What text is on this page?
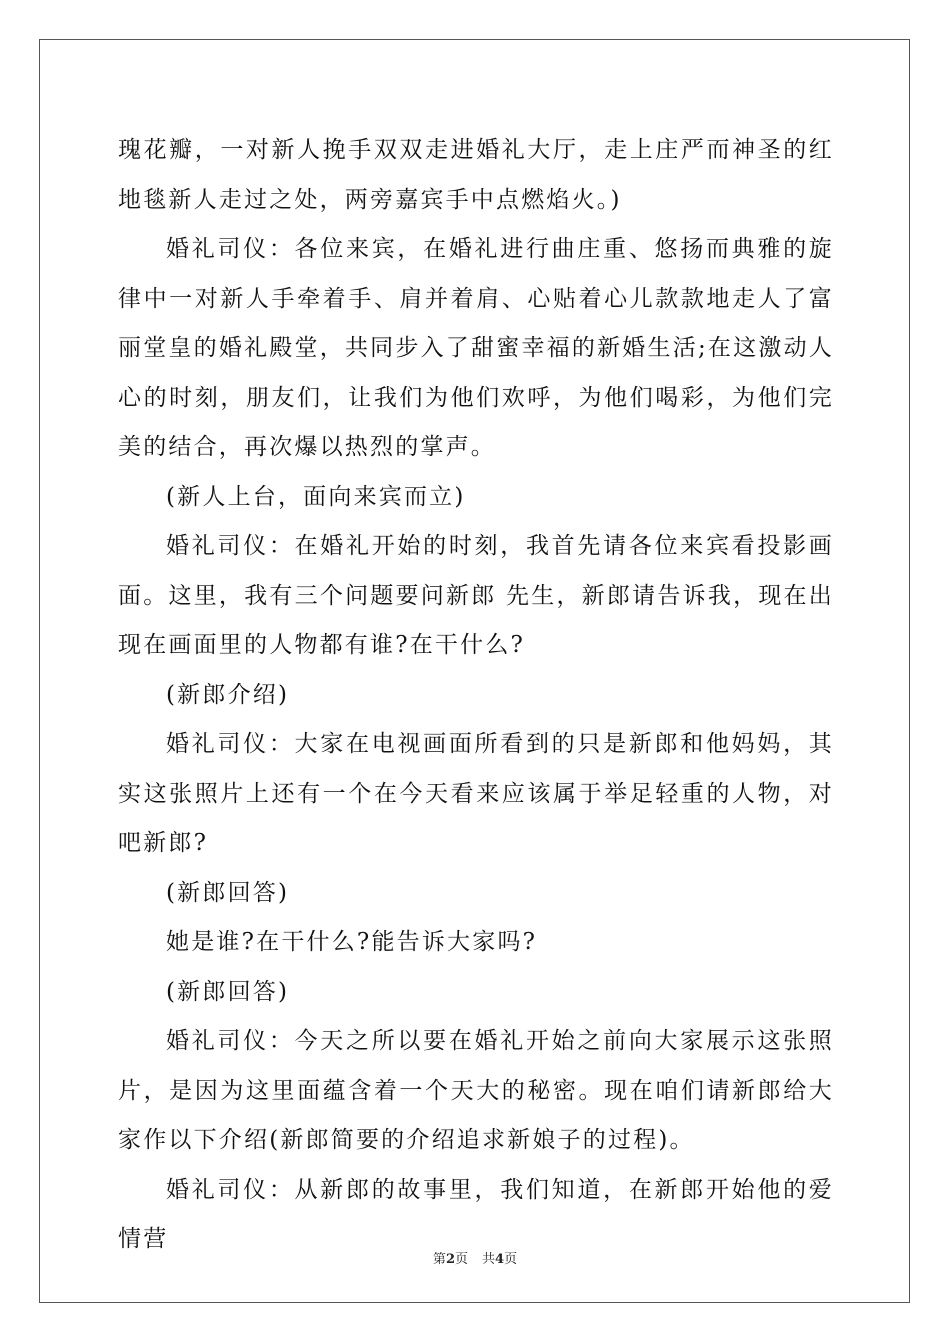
瑰花瓣，一对新人挽手双双走进婚礼大厅，走上庄严而神圣的红地毯新人走过之处，两旁嘉宾手中点燃焰火。)

婚礼司仪：各位来宾，在婚礼进行曲庄重、悠扬而典雅的旋律中一对新人手牵着手、肩并着肩、心贴着心儿款款地走人了富丽堂皇的婚礼殿堂，共同步入了甜蜜幸福的新婚生活;在这激动人心的时刻，朋友们，让我们为他们欢呼，为他们喝彩，为他们完美的结合，再次爆以热烈的掌声。

(新人上台，面向来宾而立)

婚礼司仪：在婚礼开始的时刻，我首先请各位来宾看投影画面。这里，我有三个问题要问新郎 先生，新郎请告诉我，现在出现在画面里的人物都有谁?在干什么?

(新郎介绍)

婚礼司仪：大家在电视画面所看到的只是新郎和他妈妈，其实这张照片上还有一个在今天看来应该属于举足轻重的人物，对吧新郎?

(新郎回答)

她是谁?在干什么?能告诉大家吗?

(新郎回答)

婚礼司仪：今天之所以要在婚礼开始之前向大家展示这张照片，是因为这里面蕴含着一个天大的秘密。现在咱们请新郎给大家作以下介绍(新郎简要的介绍追求新娘子的过程)。

婚礼司仪：从新郎的故事里，我们知道，在新郎开始他的爱情营

第2页 共4页
